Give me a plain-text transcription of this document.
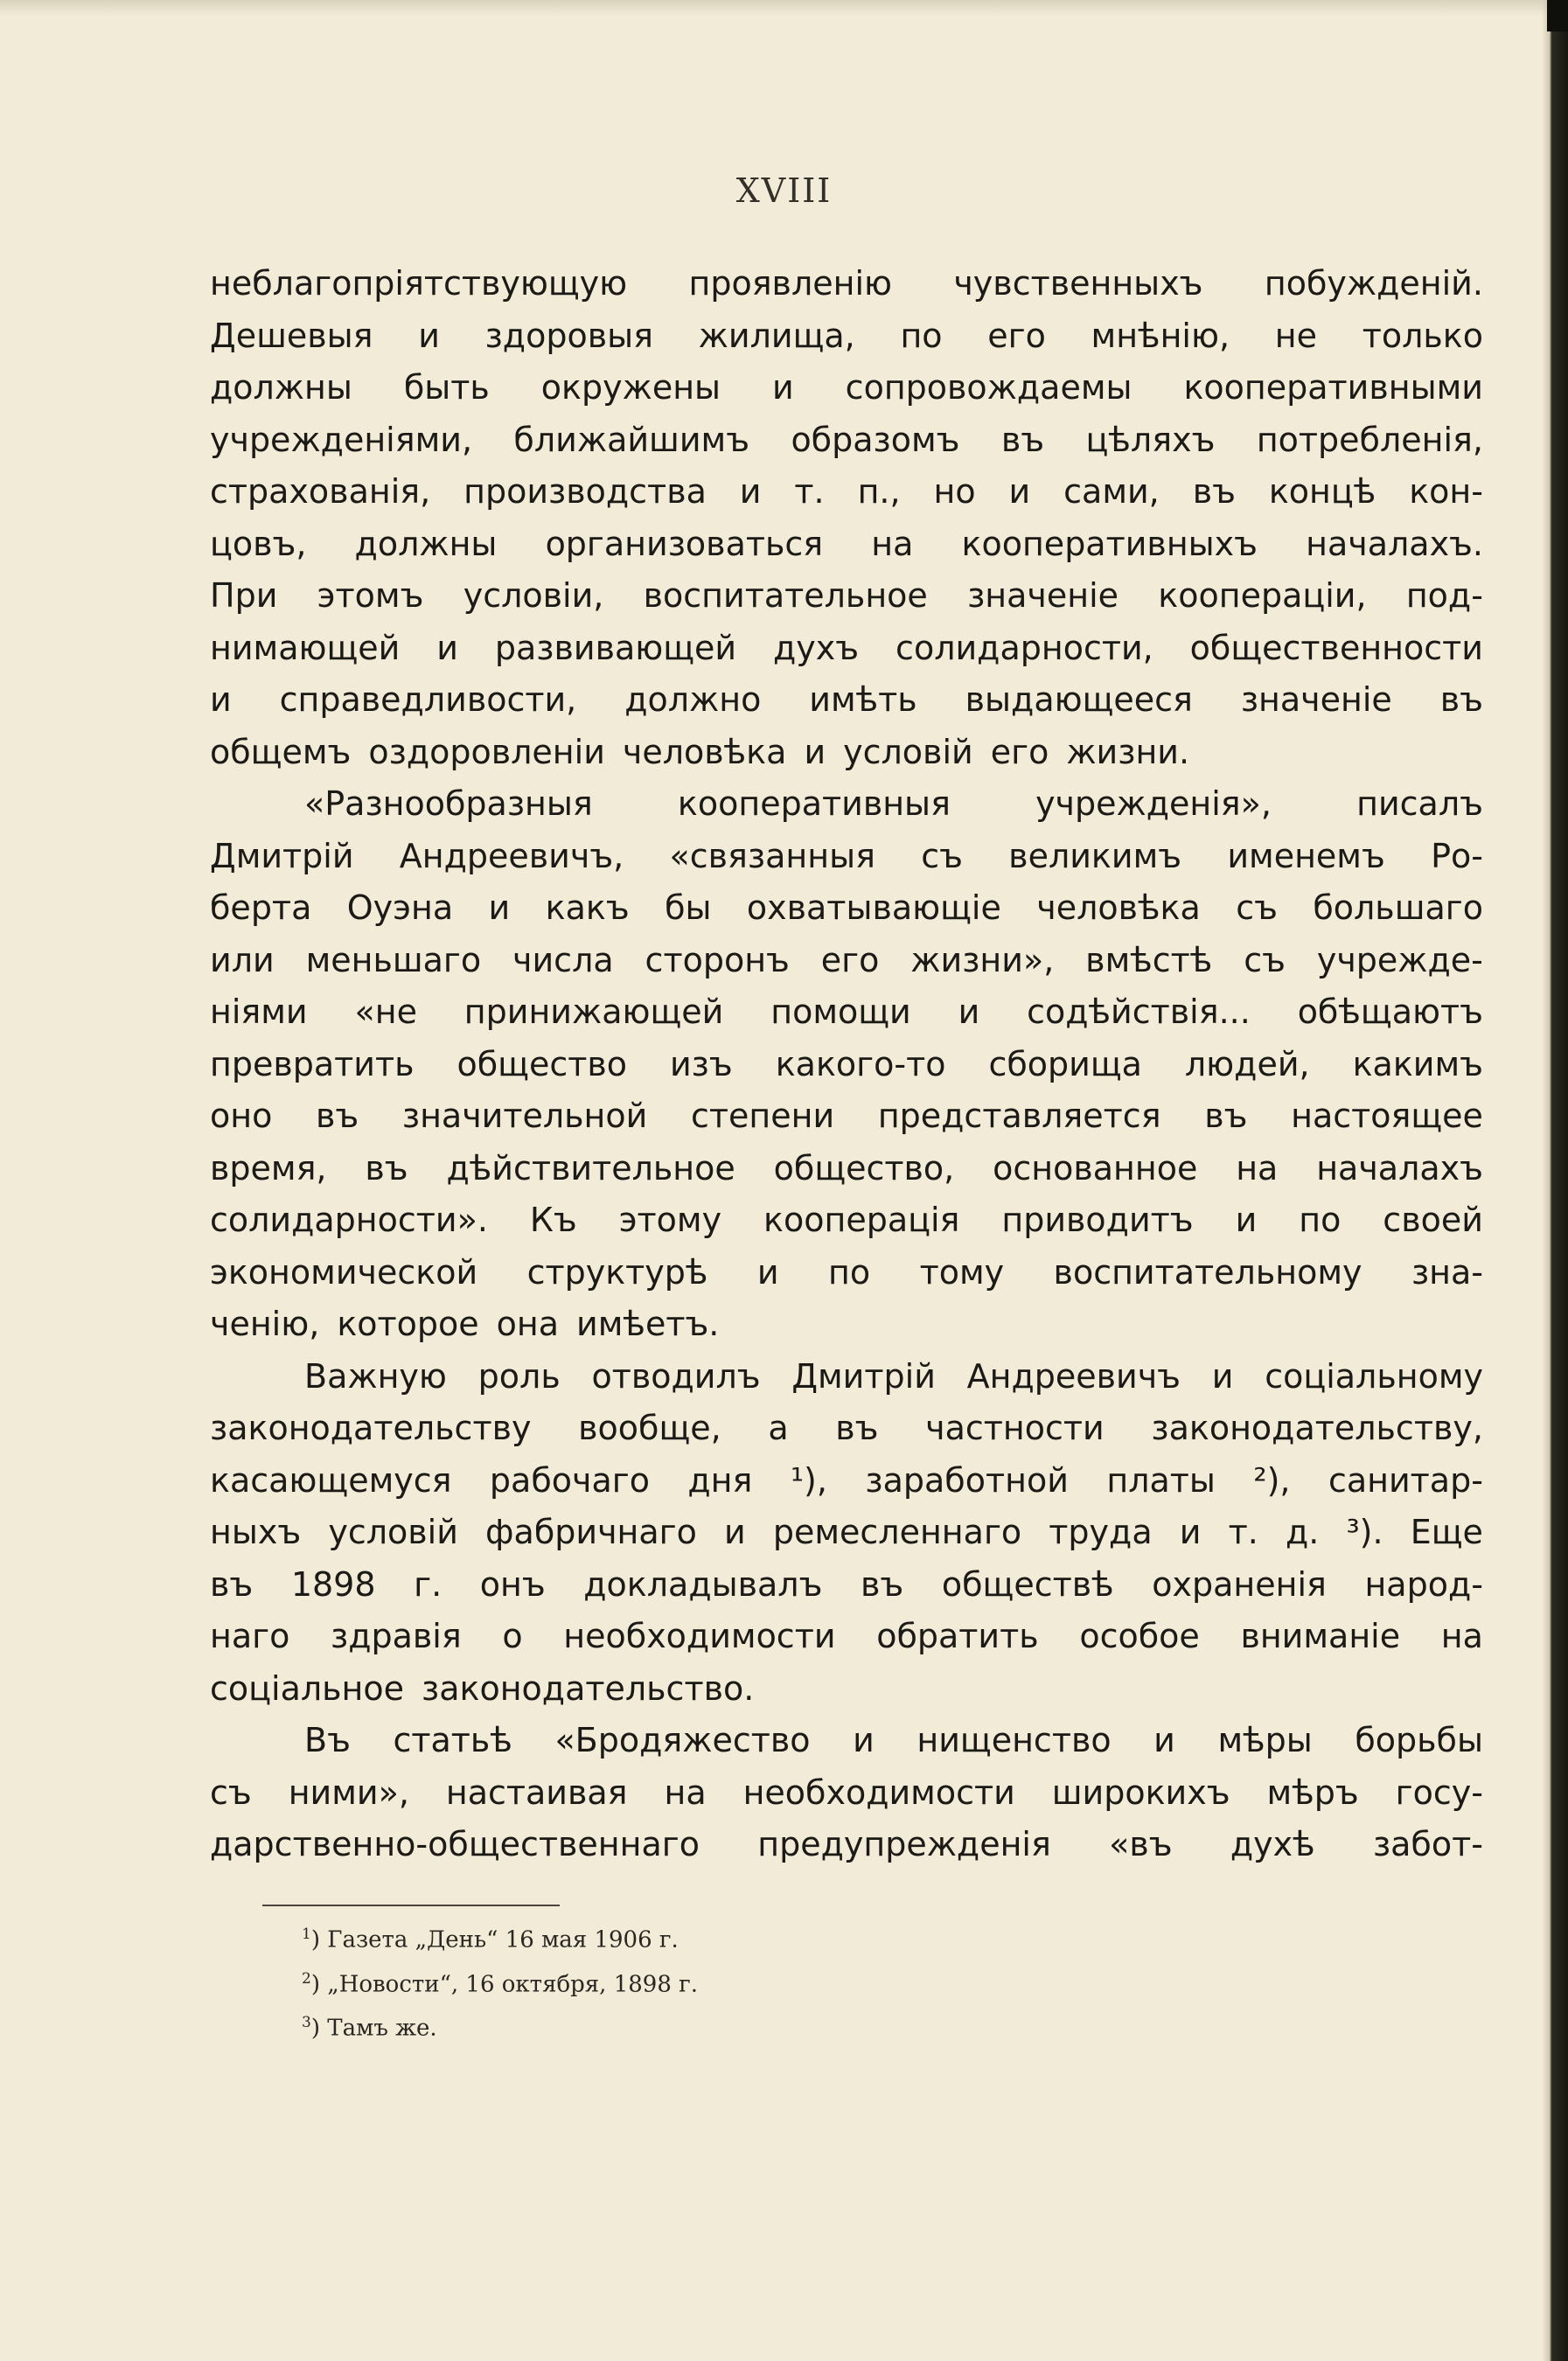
XVIII
неблагопріятствующую проявленію чувственныхъ побужденій.
Дешевыя и здоровыя жилища, по его мнѣнію, не только
должны быть окружены и сопровождаемы кооперативными
учрежденіями, ближайшимъ образомъ въ цѣляхъ потребленія,
страхованія, производства и т. п., но и сами, въ концѣ кон-
цовъ, должны организоваться на кооперативныхъ началахъ.
При этомъ условіи, воспитательное значеніе коопераціи, под-
нимающей и развивающей духъ солидарности, общественности
и справедливости, должно имѣть выдающееся значеніе въ
общемъ оздоровленіи человѣка и условій его жизни.
«Разнообразныя	кооперативныя	учрежденія»,	писалъ
Дмитрій Андреевичъ, «связанныя съ великимъ именемъ Ро-
берта Оуэна и какъ бы охватывающіе человѣка съ большаго
или меньшаго числа сторонъ его жизни», вмѣстѣ съ учрежде-
ніями «не принижающей помощи и содѣйствія... обѣщаютъ
превратить общество изъ какого-то сборища людей, какимъ
оно въ значительной степени представляется въ настоящее
время, въ дѣйствительное общество, основанное на началахъ
солидарности». Къ этому кооперація приводитъ и по своей
экономической структурѣ и по тому воспитательному зна-
ченію, которое она имѣетъ.
Важную роль отводилъ Дмитрій Андреевичъ и соціальному
законодательству вообще, а въ частности законодательству,
касающемуся рабочаго дня ¹), заработной платы ²), санитар-
ныхъ условій фабричнаго и ремесленнаго труда и т. д. ³). Еще
въ 1898 г. онъ докладывалъ въ обществѣ охраненія народ-
наго здравія о необходимости обратить особое вниманіе на
соціальное законодательство.
Въ статьѣ «Бродяжество и нищенство и мѣры борьбы
съ ними», настаивая на необходимости широкихъ мѣръ госу-
дарственно-общественнаго предупрежденія «въ духѣ забот-
$^1$) Газета „День“ 16 мая 1906 г.
$^2$) „Новости“, 16 октября, 1898 г.
$^3$) Тамъ же.
